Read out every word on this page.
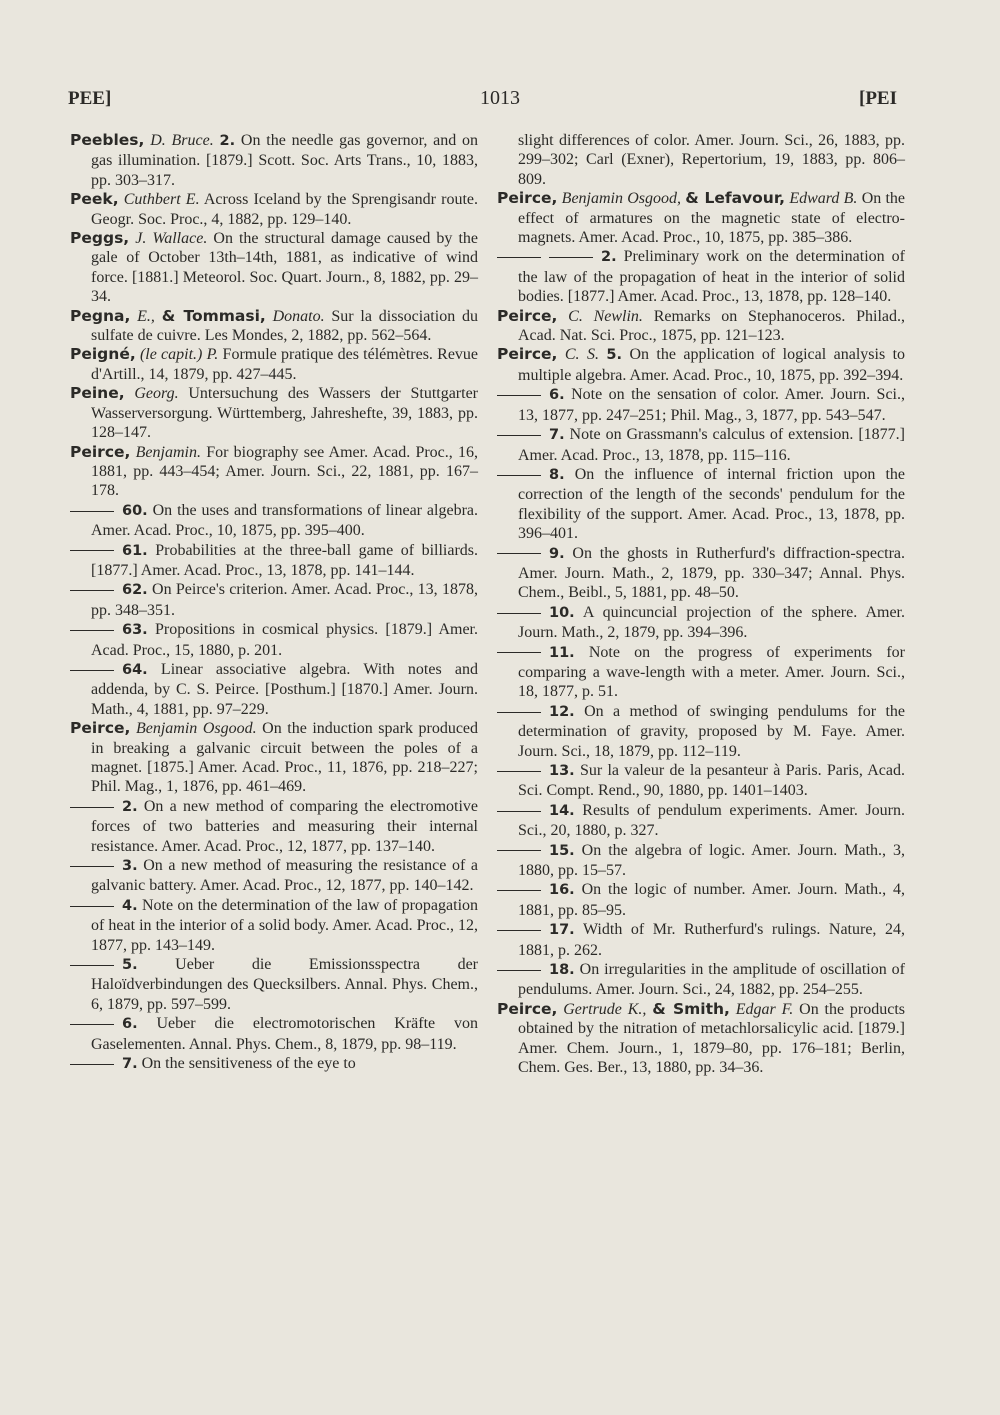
PEE]	1013	[PEI
Peebles, D. Bruce. 2. On the needle gas governor, and on gas illumination. [1879.] Scott. Soc. Arts Trans., 10, 1883, pp. 303–317.
Peek, Cuthbert E. Across Iceland by the Sprengisandr route. Geogr. Soc. Proc., 4, 1882, pp. 129–140.
Peggs, J. Wallace. On the structural damage caused by the gale of October 13th–14th, 1881, as indicative of wind force. [1881.] Meteorol. Soc. Quart. Journ., 8, 1882, pp. 29–34.
Pegna, E., & Tommasi, Donato. Sur la dissociation du sulfate de cuivre. Les Mondes, 2, 1882, pp. 562–564.
Peigné, (le capit.) P. Formule pratique des télémètres. Revue d'Artill., 14, 1879, pp. 427–445.
Peine, Georg. Untersuchung des Wassers der Stuttgarter Wasserversorgung. Württemberg, Jahreshefte, 39, 1883, pp. 128–147.
Peirce, Benjamin. For biography see Amer. Acad. Proc., 16, 1881, pp. 443–454; Amer. Journ. Sci., 22, 1881, pp. 167–178.
60. On the uses and transformations of linear algebra. Amer. Acad. Proc., 10, 1875, pp. 395–400.
61. Probabilities at the three-ball game of billiards. [1877.] Amer. Acad. Proc., 13, 1878, pp. 141–144.
62. On Peirce's criterion. Amer. Acad. Proc., 13, 1878, pp. 348–351.
63. Propositions in cosmical physics. [1879.] Amer. Acad. Proc., 15, 1880, p. 201.
64. Linear associative algebra. With notes and addenda, by C. S. Peirce. [Posthum.] [1870.] Amer. Journ. Math., 4, 1881, pp. 97–229.
Peirce, Benjamin Osgood. On the induction spark produced in breaking a galvanic circuit between the poles of a magnet. [1875.] Amer. Acad. Proc., 11, 1876, pp. 218–227; Phil. Mag., 1, 1876, pp. 461–469.
2. On a new method of comparing the electromotive forces of two batteries and measuring their internal resistance. Amer. Acad. Proc., 12, 1877, pp. 137–140.
3. On a new method of measuring the resistance of a galvanic battery. Amer. Acad. Proc., 12, 1877, pp. 140–142.
4. Note on the determination of the law of propagation of heat in the interior of a solid body. Amer. Acad. Proc., 12, 1877, pp. 143–149.
5. Ueber die Emissionsspectra der Haloïdverbindungen des Quecksilbers. Annal. Phys. Chem., 6, 1879, pp. 597–599.
6. Ueber die electromotorischen Kräfte von Gaselementen. Annal. Phys. Chem., 8, 1879, pp. 98–119.
7. On the sensitiveness of the eye to
slight differences of color. Amer. Journ. Sci., 26, 1883, pp. 299–302; Carl (Exner), Repertorium, 19, 1883, pp. 806–809.
Peirce, Benjamin Osgood, & Lefavour, Edward B. On the effect of armatures on the magnetic state of electro-magnets. Amer. Acad. Proc., 10, 1875, pp. 385–386.
2. Preliminary work on the determination of the law of the propagation of heat in the interior of solid bodies. [1877.] Amer. Acad. Proc., 13, 1878, pp. 128–140.
Peirce, C. Newlin. Remarks on Stephanoceros. Philad., Acad. Nat. Sci. Proc., 1875, pp. 121–123.
Peirce, C. S. 5. On the application of logical analysis to multiple algebra. Amer. Acad. Proc., 10, 1875, pp. 392–394.
6. Note on the sensation of color. Amer. Journ. Sci., 13, 1877, pp. 247–251; Phil. Mag., 3, 1877, pp. 543–547.
7. Note on Grassmann's calculus of extension. [1877.] Amer. Acad. Proc., 13, 1878, pp. 115–116.
8. On the influence of internal friction upon the correction of the length of the seconds' pendulum for the flexibility of the support. Amer. Acad. Proc., 13, 1878, pp. 396–401.
9. On the ghosts in Rutherfurd's diffraction-spectra. Amer. Journ. Math., 2, 1879, pp. 330–347; Annal. Phys. Chem., Beibl., 5, 1881, pp. 48–50.
10. A quincuncial projection of the sphere. Amer. Journ. Math., 2, 1879, pp. 394–396.
11. Note on the progress of experiments for comparing a wave-length with a meter. Amer. Journ. Sci., 18, 1877, p. 51.
12. On a method of swinging pendulums for the determination of gravity, proposed by M. Faye. Amer. Journ. Sci., 18, 1879, pp. 112–119.
13. Sur la valeur de la pesanteur à Paris. Paris, Acad. Sci. Compt. Rend., 90, 1880, pp. 1401–1403.
14. Results of pendulum experiments. Amer. Journ. Sci., 20, 1880, p. 327.
15. On the algebra of logic. Amer. Journ. Math., 3, 1880, pp. 15–57.
16. On the logic of number. Amer. Journ. Math., 4, 1881, pp. 85–95.
17. Width of Mr. Rutherfurd's rulings. Nature, 24, 1881, p. 262.
18. On irregularities in the amplitude of oscillation of pendulums. Amer. Journ. Sci., 24, 1882, pp. 254–255.
Peirce, Gertrude K., & Smith, Edgar F. On the products obtained by the nitration of metachlorsalicylic acid. [1879.] Amer. Chem. Journ., 1, 1879–80, pp. 176–181; Berlin, Chem. Ges. Ber., 13, 1880, pp. 34–36.
